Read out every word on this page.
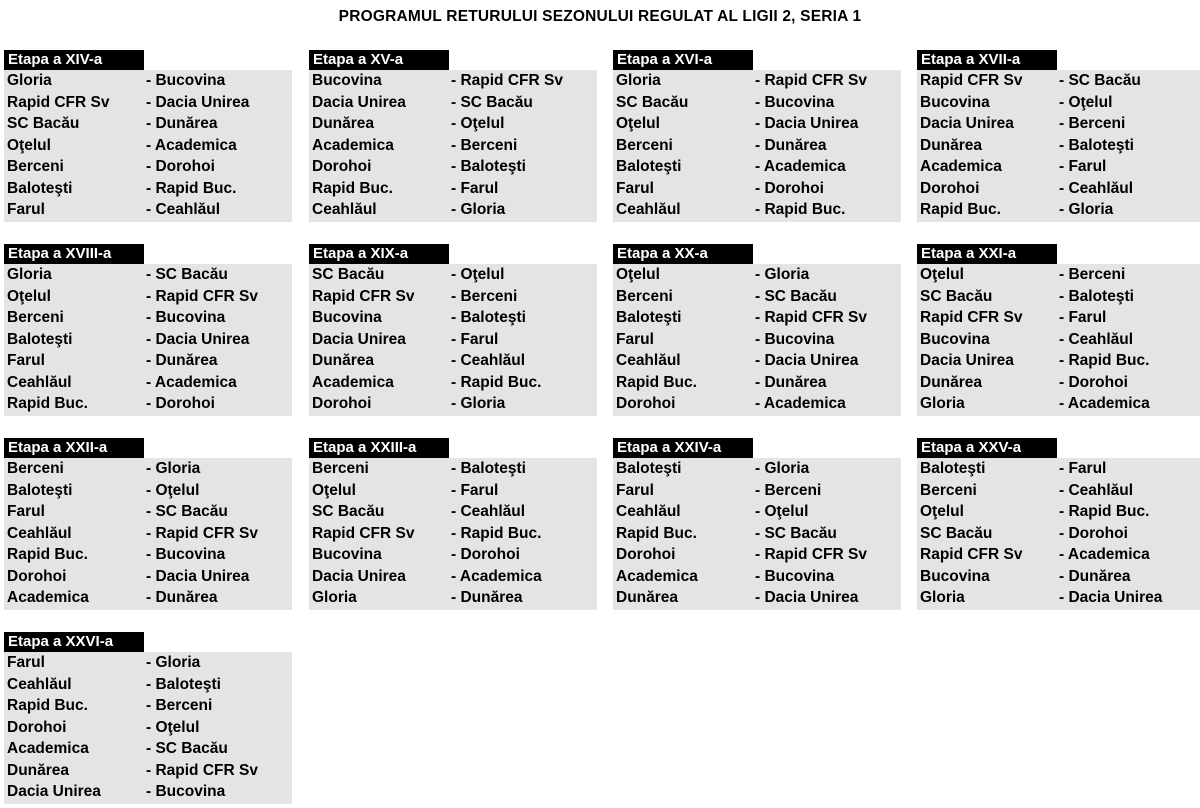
PROGRAMUL RETURULUI SEZONULUI REGULAT AL LIGII 2, SERIA 1
Etapa a XIV-a
Gloria	- Bucovina
Rapid CFR Sv - Dacia Unirea
SC Bacău	- Dunărea
Oţelul	- Academica
Berceni	- Dorohoi
Baloteşti	- Rapid Buc.
Farul	- Ceahlăul
Etapa a XV-a
Bucovina	- Rapid CFR Sv
Dacia Unirea	- SC Bacău
Dunărea	- Oţelul
Academica	- Berceni
Dorohoi	- Baloteşti
Rapid Buc.	- Farul
Ceahlăul	- Gloria
Etapa a XVI-a
Gloria	- Rapid CFR Sv
SC Bacău	- Bucovina
Oţelul	- Dacia Unirea
Berceni	- Dunărea
Baloteşti	- Academica
Farul	- Dorohoi
Ceahlăul	- Rapid Buc.
Etapa a XVII-a
Rapid CFR Sv - SC Bacău
Bucovina	- Oţelul
Dacia Unirea	- Berceni
Dunărea	- Baloteşti
Academica	- Farul
Dorohoi	- Ceahlăul
Rapid Buc.	- Gloria
Etapa a XVIII-a
Gloria	- SC Bacău
Oţelul	- Rapid CFR Sv
Berceni	- Bucovina
Baloteşti	- Dacia Unirea
Farul	- Dunărea
Ceahlăul	- Academica
Rapid Buc.	- Dorohoi
Etapa a XIX-a
SC Bacău	- Oţelul
Rapid CFR Sv - Berceni
Bucovina	- Baloteşti
Dacia Unirea	- Farul
Dunărea	- Ceahlăul
Academica	- Rapid Buc.
Dorohoi	- Gloria
Etapa a XX-a
Oţelul	- Gloria
Berceni	- SC Bacău
Baloteşti	- Rapid CFR Sv
Farul	- Bucovina
Ceahlăul	- Dacia Unirea
Rapid Buc.	- Dunărea
Dorohoi	- Academica
Etapa a XXI-a
Oţelul	- Berceni
SC Bacău	- Baloteşti
Rapid CFR Sv - Farul
Bucovina	- Ceahlăul
Dacia Unirea	- Rapid Buc.
Dunărea	- Dorohoi
Gloria	- Academica
Etapa a XXII-a
Berceni	- Gloria
Baloteşti	- Oţelul
Farul	- SC Bacău
Ceahlăul	- Rapid CFR Sv
Rapid Buc.	- Bucovina
Dorohoi	- Dacia Unirea
Academica	- Dunărea
Etapa a XXIII-a
Berceni	- Baloteşti
Oţelul	- Farul
SC Bacău	- Ceahlăul
Rapid CFR Sv - Rapid Buc.
Bucovina	- Dorohoi
Dacia Unirea	- Academica
Gloria	- Dunărea
Etapa a XXIV-a
Baloteşti	- Gloria
Farul	- Berceni
Ceahlăul	- Oţelul
Rapid Buc.	- SC Bacău
Dorohoi	- Rapid CFR Sv
Academica	- Bucovina
Dunărea	- Dacia Unirea
Etapa a XXV-a
Baloteşti	- Farul
Berceni	- Ceahlăul
Oţelul	- Rapid Buc.
SC Bacău	- Dorohoi
Rapid CFR Sv - Academica
Bucovina	- Dunărea
Gloria	- Dacia Unirea
Etapa a XXVI-a
Farul	- Gloria
Ceahlăul	- Baloteşti
Rapid Buc.	- Berceni
Dorohoi	- Oţelul
Academica	- SC Bacău
Dunărea	- Rapid CFR Sv
Dacia Unirea	- Bucovina
